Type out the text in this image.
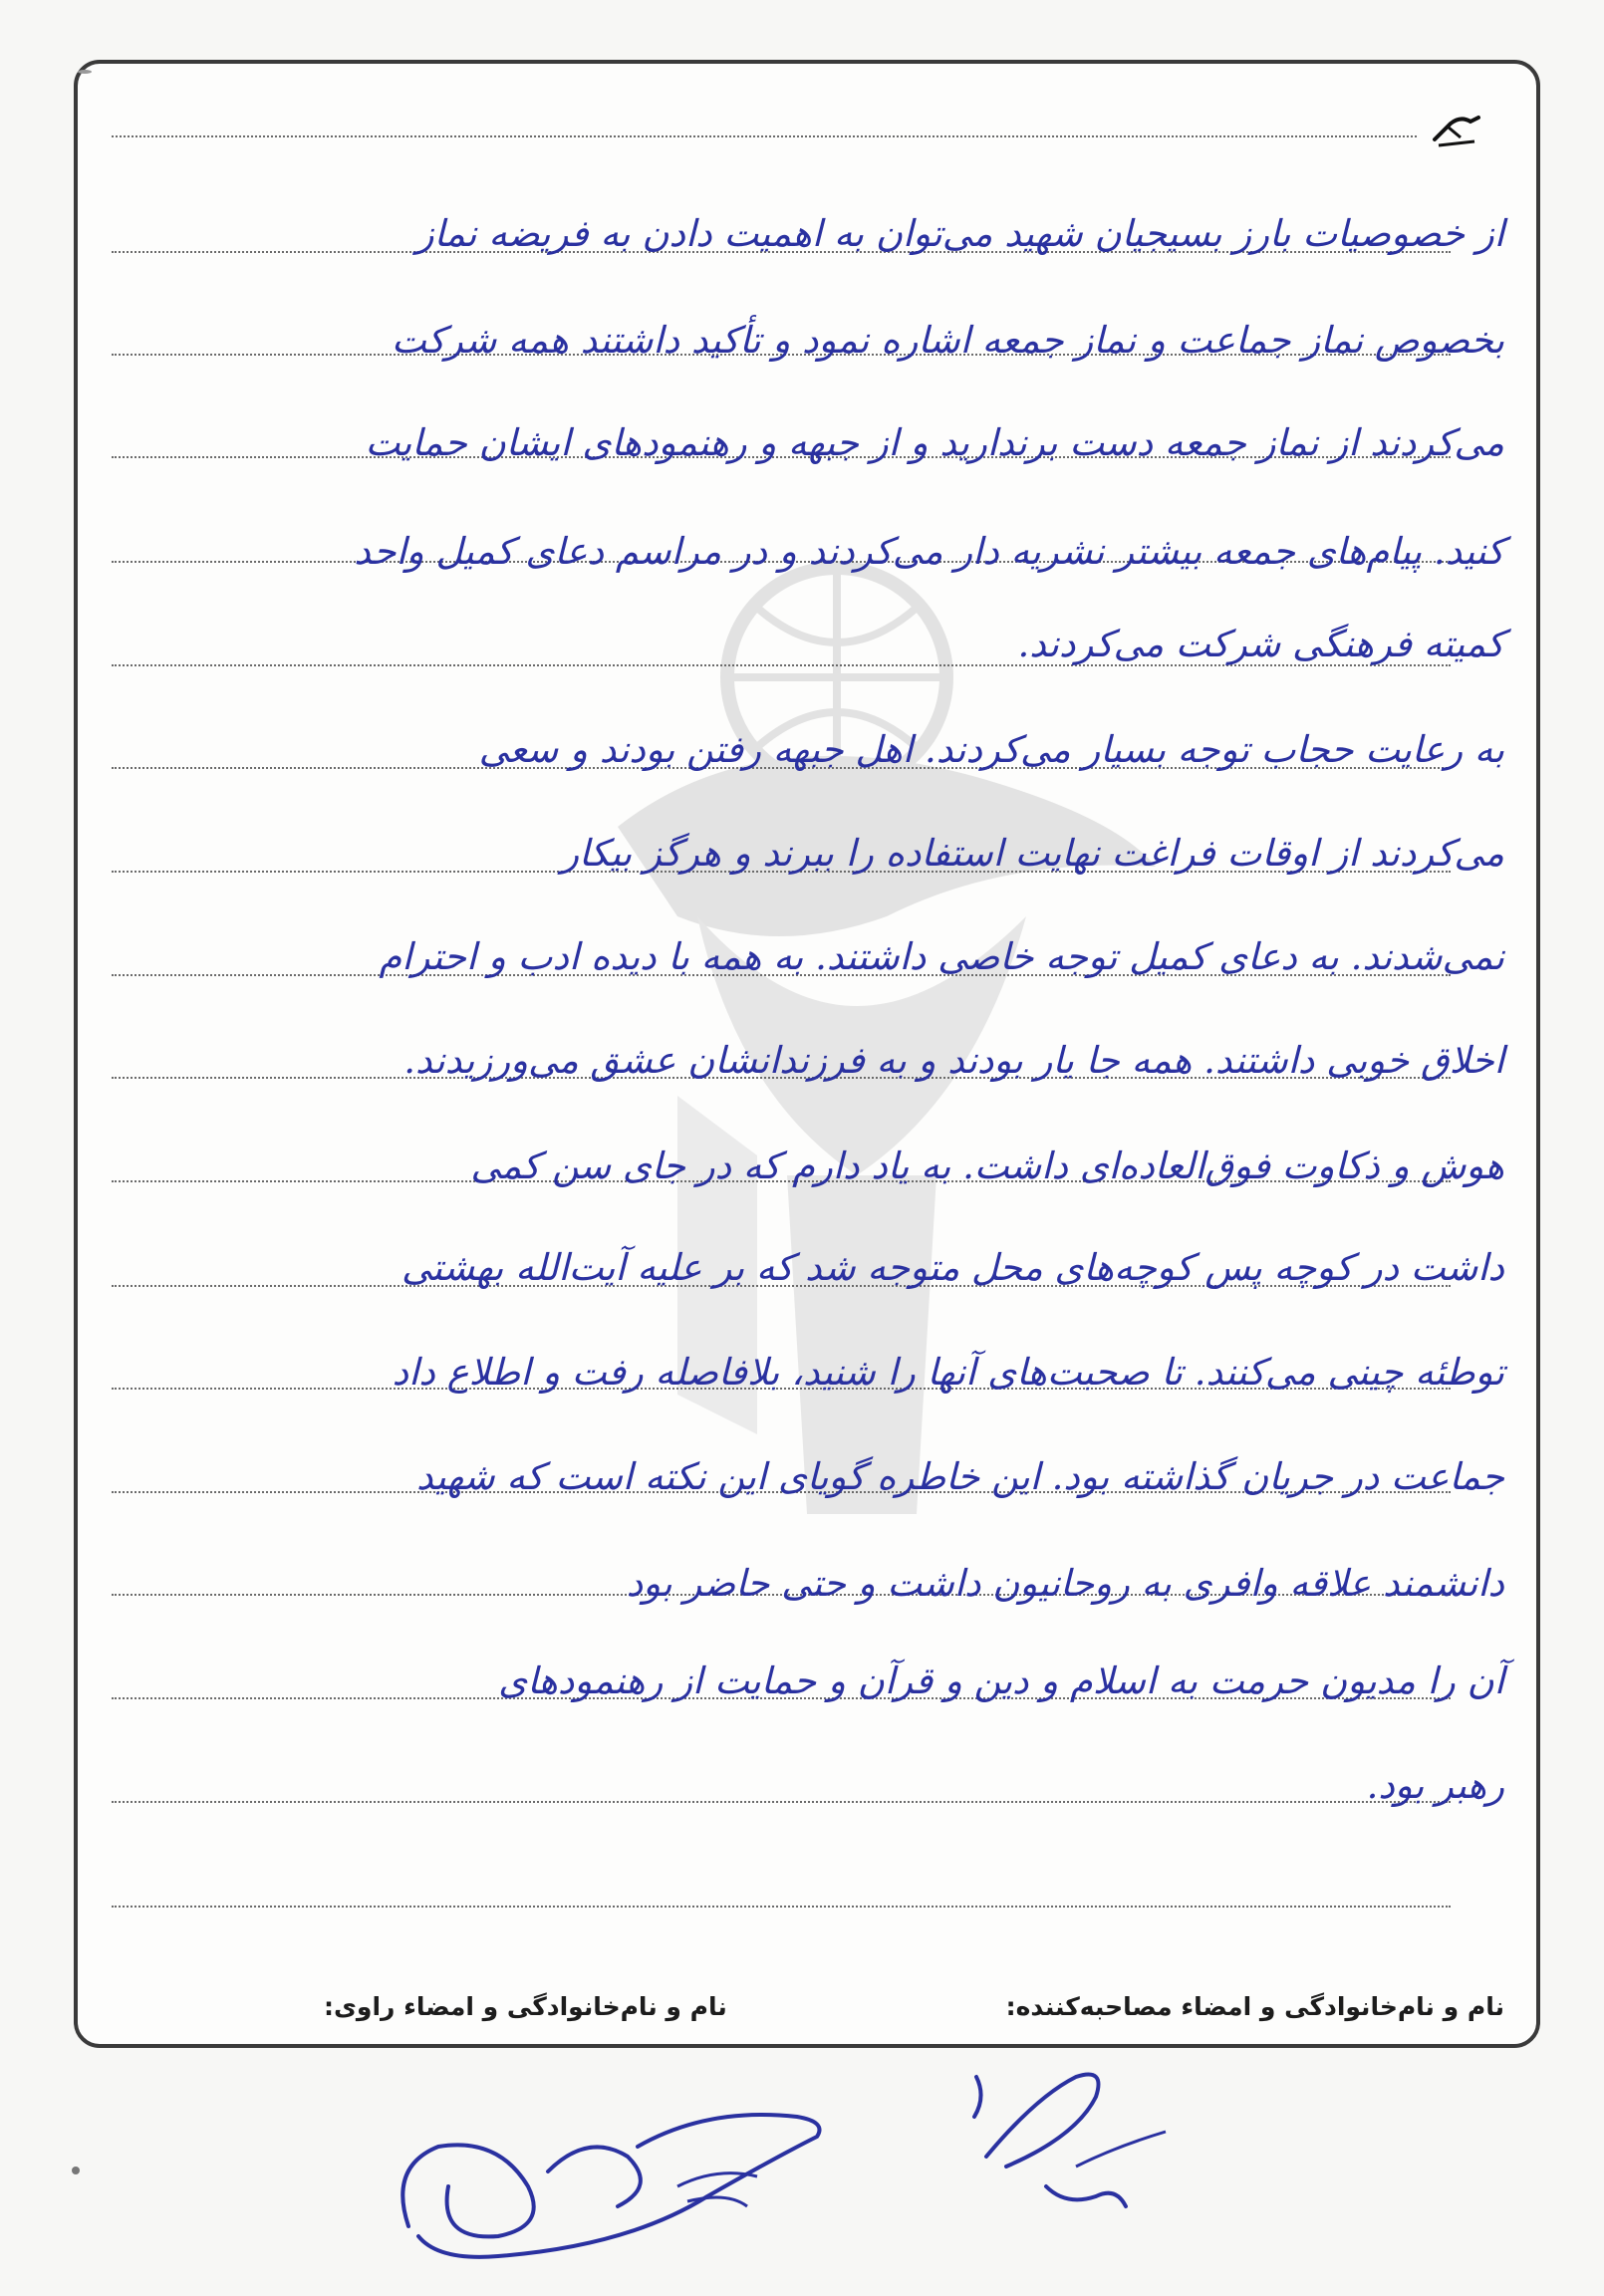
از خصوصیات بارز بسیجیان شهید می‌توان به اهمیت دادن به فریضه نماز
بخصوص نماز جماعت و نماز جمعه اشاره نمود و تأکید داشتند همه شرکت
می‌کردند از نماز جمعه دست برندارید و از جبهه و رهنمودهای ایشان حمایت
کنید. پیام‌های جمعه بیشتر نشریه دار می‌کردند و در مراسم دعای کمیل واحد
کمیته فرهنگی شرکت می‌کردند.
به رعایت حجاب توجه بسیار می‌کردند. اهل جبهه رفتن بودند و سعی
می‌کردند از اوقات فراغت نهایت استفاده را ببرند و هرگز بیکار
نمی‌شدند. به دعای کمیل توجه خاصی داشتند. به همه با دیده ادب و احترام
اخلاق خوبی داشتند. همه جا یار بودند و به فرزندانشان عشق می‌ورزیدند.
هوش و ذکاوت فوق‌العاده‌ای داشت. به یاد دارم که در جای سن کمی
داشت در کوچه پس کوچه‌های محل متوجه شد که بر علیه آیت‌الله بهشتی
توطئه چینی می‌کنند. تا صحبت‌های آنها را شنید، بلافاصله رفت و اطلاع داد
جماعت در جریان گذاشته بود. این خاطره گویای این نکته است که شهید
دانشمند علاقه وافری به روحانیون داشت و حتی حاضر بود
آن را مدیون حرمت به اسلام و دین و قرآن و حمایت از رهنمودهای
رهبر بود.
نام و نام‌خانوادگی و امضاء مصاحبه‌کننده:
نام و نام‌خانوادگی و امضاء راوی:
